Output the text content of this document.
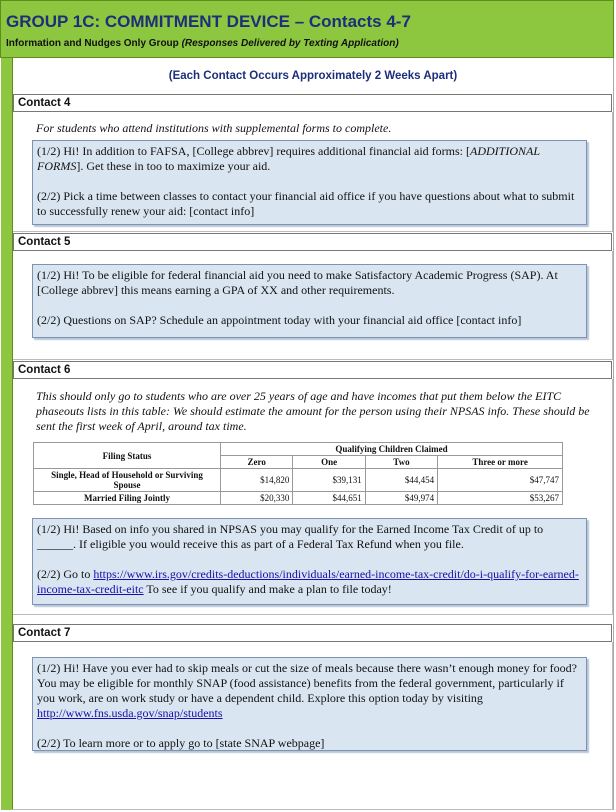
GROUP 1C: COMMITMENT DEVICE – Contacts 4-7
Information and Nudges Only Group (Responses Delivered by Texting Application)
(Each Contact Occurs Approximately 2 Weeks Apart)
Contact 4
For students who attend institutions with supplemental forms to complete.

(1/2) Hi! In addition to FAFSA, [College abbrev] requires additional financial aid forms: [ADDITIONAL FORMS]. Get these in too to maximize your aid.

(2/2) Pick a time between classes to contact your financial aid office if you have questions about what to submit to successfully renew your aid: [contact info]

Contact 5

(1/2) Hi! To be eligible for federal financial aid you need to make Satisfactory Academic Progress (SAP). At [College abbrev] this means earning a GPA of XX and other requirements.

(2/2) Questions on SAP? Schedule an appointment today with your financial aid office [contact info]

Contact 6
This should only go to students who are over 25 years of age and have incomes that put them below the EITC phaseouts lists in this table: We should estimate the amount for the person using their NPSAS info. These should be sent the first week of April, around tax time.
Filing Status	Qualifying Children Claimed			
	Zero	One	Two	Three or more
Single, Head of Household or Surviving Spouse	$14,820	$39,131	$44,454	$47,747
Married Filing Jointly	$20,330	$44,651	$49,974	$53,267

(1/2) Hi! Based on info you shared in NPSAS you may qualify for the Earned Income Tax Credit of up to ______. If eligible you would receive this as part of a Federal Tax Refund when you file.

(2/2) Go to https://www.irs.gov/credits-deductions/individuals/earned-income-tax-credit/do-i-qualify-for-earned-income-tax-credit-eitc To see if you qualify and make a plan to file today!

Contact 7

(1/2) Hi! Have you ever had to skip meals or cut the size of meals because there wasn’t enough money for food? You may be eligible for monthly SNAP (food assistance) benefits from the federal government, particularly if you work, are on work study or have a dependent child. Explore this option today by visiting http://www.fns.usda.gov/snap/students

(2/2) To learn more or to apply go to [state SNAP webpage]
